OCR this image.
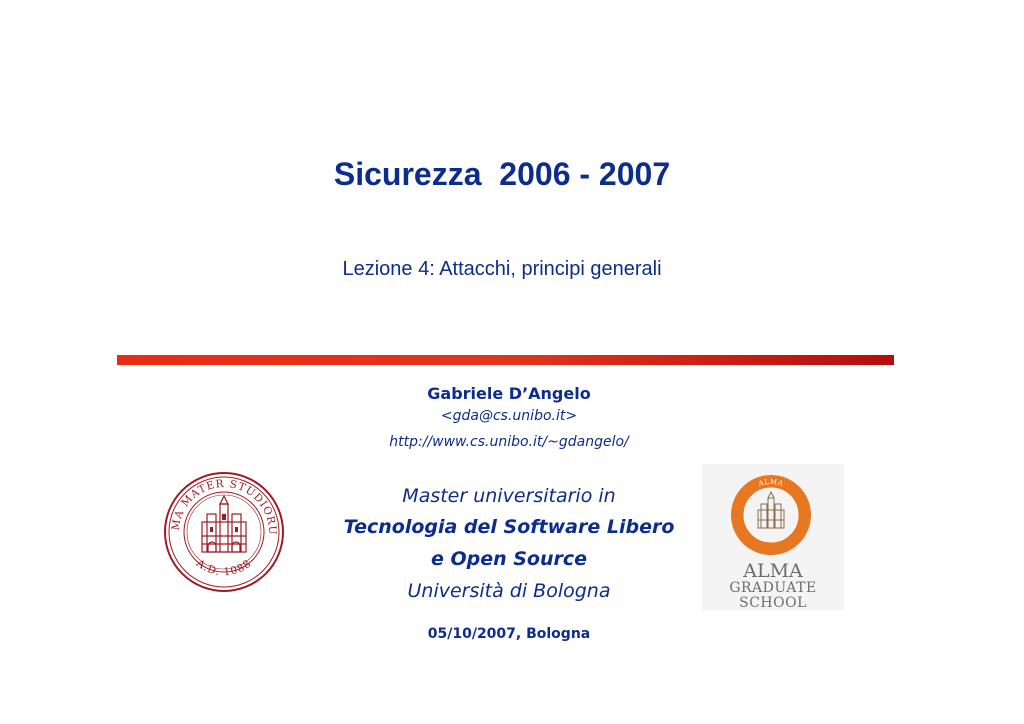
Sicurezza  2006 - 2007
Lezione 4: Attacchi, principi generali
Gabriele D’Angelo
<gda@cs.unibo.it>
http://www.cs.unibo.it/~gdangelo/
MA MATER STUDIORU
A.D. 1088
Master universitario in
Tecnologia del Software Libero
e Open Source
Università di Bologna
ALMA
ALMA
GRADUATE
SCHOOL
05/10/2007, Bologna
